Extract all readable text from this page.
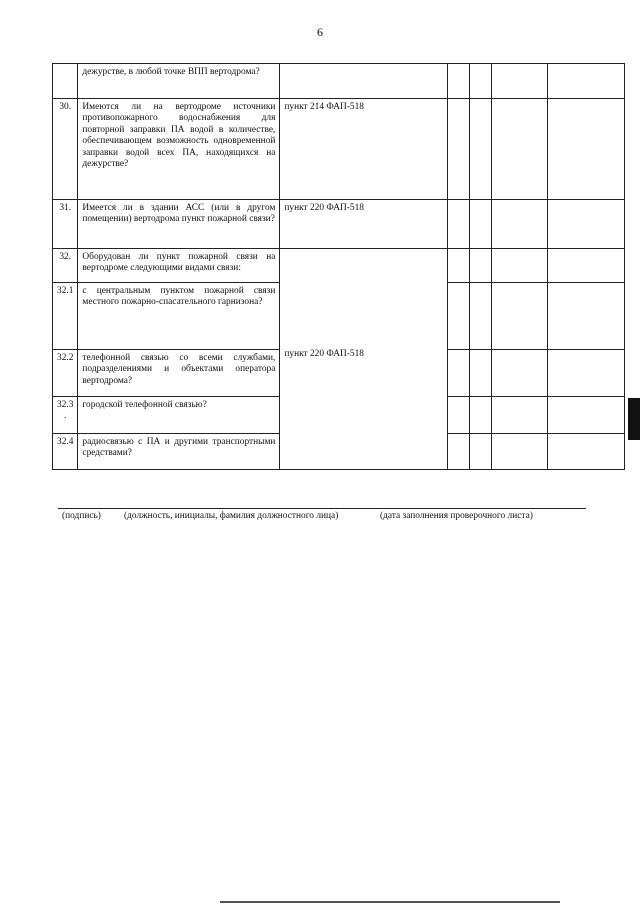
6
	дежурстве, в любой точке ВПП вертодрома?					
30.	Имеются ли на вертодроме источники противопожарного водоснабжения для повторной заправки ПА водой в количестве, обеспечивающем возможность одновременной заправки водой всех ПА, находящихся на дежурстве?	пункт 214 ФАП-518				
31.	Имеется ли в здании АСС (или в другом помещении) вертодрома пункт пожарной связи?	пункт 220 ФАП-518				
32.	Оборудован ли пункт пожарной связи на вертодроме следующими видами связи:	пункт 220 ФАП-518				
32.1	с центральным пунктом пожарной связи местного пожарно-спасательного гарнизона?					
32.2	телефонной связью со всеми службами, подразделениями и объектами оператора вертодрома?					
32.3 .	городской телефонной связью?					
32.4	радиосвязью с ПА и другими транспортными средствами?					
(подпись) (должность, инициалы, фамилия должностного лица)	(дата заполнения проверочного листа)
